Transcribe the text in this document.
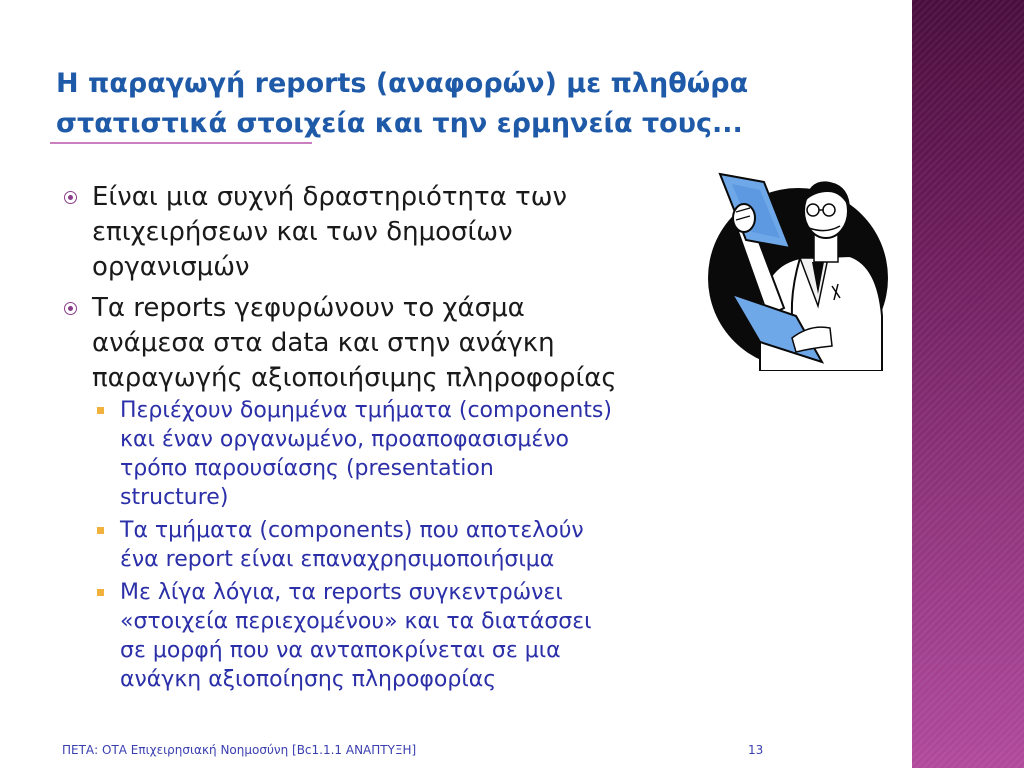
Η παραγωγή reports (αναφορών) με πληθώρα
στατιστικά στοιχεία και την ερμηνεία τους...
Είναι μια συχνή δραστηριότητα των
επιχειρήσεων και των δημοσίων
οργανισμών
Τα reports γεφυρώνουν το χάσμα
ανάμεσα στα data και στην ανάγκη
παραγωγής αξιοποιήσιμης πληροφορίας
Περιέχουν δομημένα τμήματα (components)
και έναν οργανωμένο, προαποφασισμένο
τρόπο παρουσίασης (presentation
structure)
Τα τμήματα (components) που αποτελούν
ένα report είναι επαναχρησιμοποιήσιμα
Με λίγα λόγια, τα reports συγκεντρώνει
«στοιχεία περιεχομένου» και τα διατάσσει
σε μορφή που να ανταποκρίνεται σε μια
ανάγκη αξιοποίησης πληροφορίας
ΠΕΤΑ: ΟΤΑ Επιχειρησιακή Νοημοσύνη [Bc1.1.1 ΑΝΑΠΤΥΞΗ]	13
